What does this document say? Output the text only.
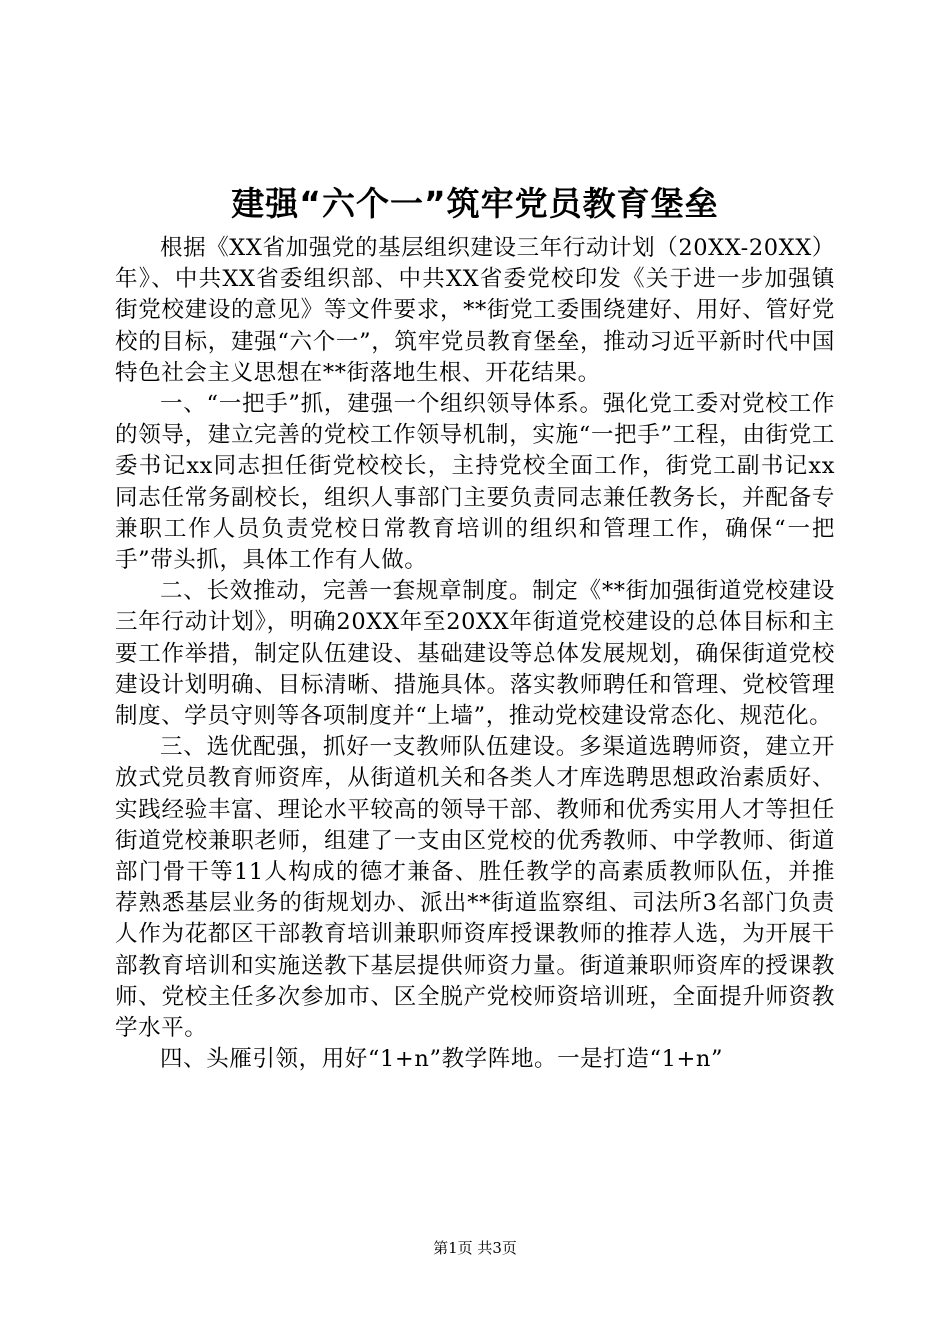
建强“六个一”筑牢党员教育堡垒

根据《XX省加强党的基层组织建设三年行动计划（20XX-20XX）年》、中共XX省委组织部、中共XX省委党校印发《关于进一步加强镇街党校建设的意见》等文件要求，**街党工委围绕建好、用好、管好党校的目标，建强“六个一”，筑牢党员教育堡垒，推动习近平新时代中国特色社会主义思想在**街落地生根、开花结果。

一、“一把手”抓，建强一个组织领导体系。强化党工委对党校工作的领导，建立完善的党校工作领导机制，实施“一把手”工程，由街党工委书记xx同志担任街党校校长，主持党校全面工作，街党工副书记xx同志任常务副校长，组织人事部门主要负责同志兼任教务长，并配备专兼职工作人员负责党校日常教育培训的组织和管理工作，确保“一把手”带头抓，具体工作有人做。

二、长效推动，完善一套规章制度。制定《**街加强街道党校建设三年行动计划》，明确20XX年至20XX年街道党校建设的总体目标和主要工作举措，制定队伍建设、基础建设等总体发展规划，确保街道党校建设计划明确、目标清晰、措施具体。落实教师聘任和管理、党校管理制度、学员守则等各项制度并“上墙”，推动党校建设常态化、规范化。

三、选优配强，抓好一支教师队伍建设。多渠道选聘师资，建立开放式党员教育师资库，从街道机关和各类人才库选聘思想政治素质好、实践经验丰富、理论水平较高的领导干部、教师和优秀实用人才等担任街道党校兼职老师，组建了一支由区党校的优秀教师、中学教师、街道部门骨干等11人构成的德才兼备、胜任教学的高素质教师队伍，并推荐熟悉基层业务的街规划办、派出**街道监察组、司法所3名部门负责人作为花都区干部教育培训兼职师资库授课教师的推荐人选，为开展干部教育培训和实施送教下基层提供师资力量。街道兼职师资库的授课教师、党校主任多次参加市、区全脱产党校师资培训班，全面提升师资教学水平。

四、头雁引领，用好“1+n”教学阵地。一是打造“1+n”

第1页 共3页
